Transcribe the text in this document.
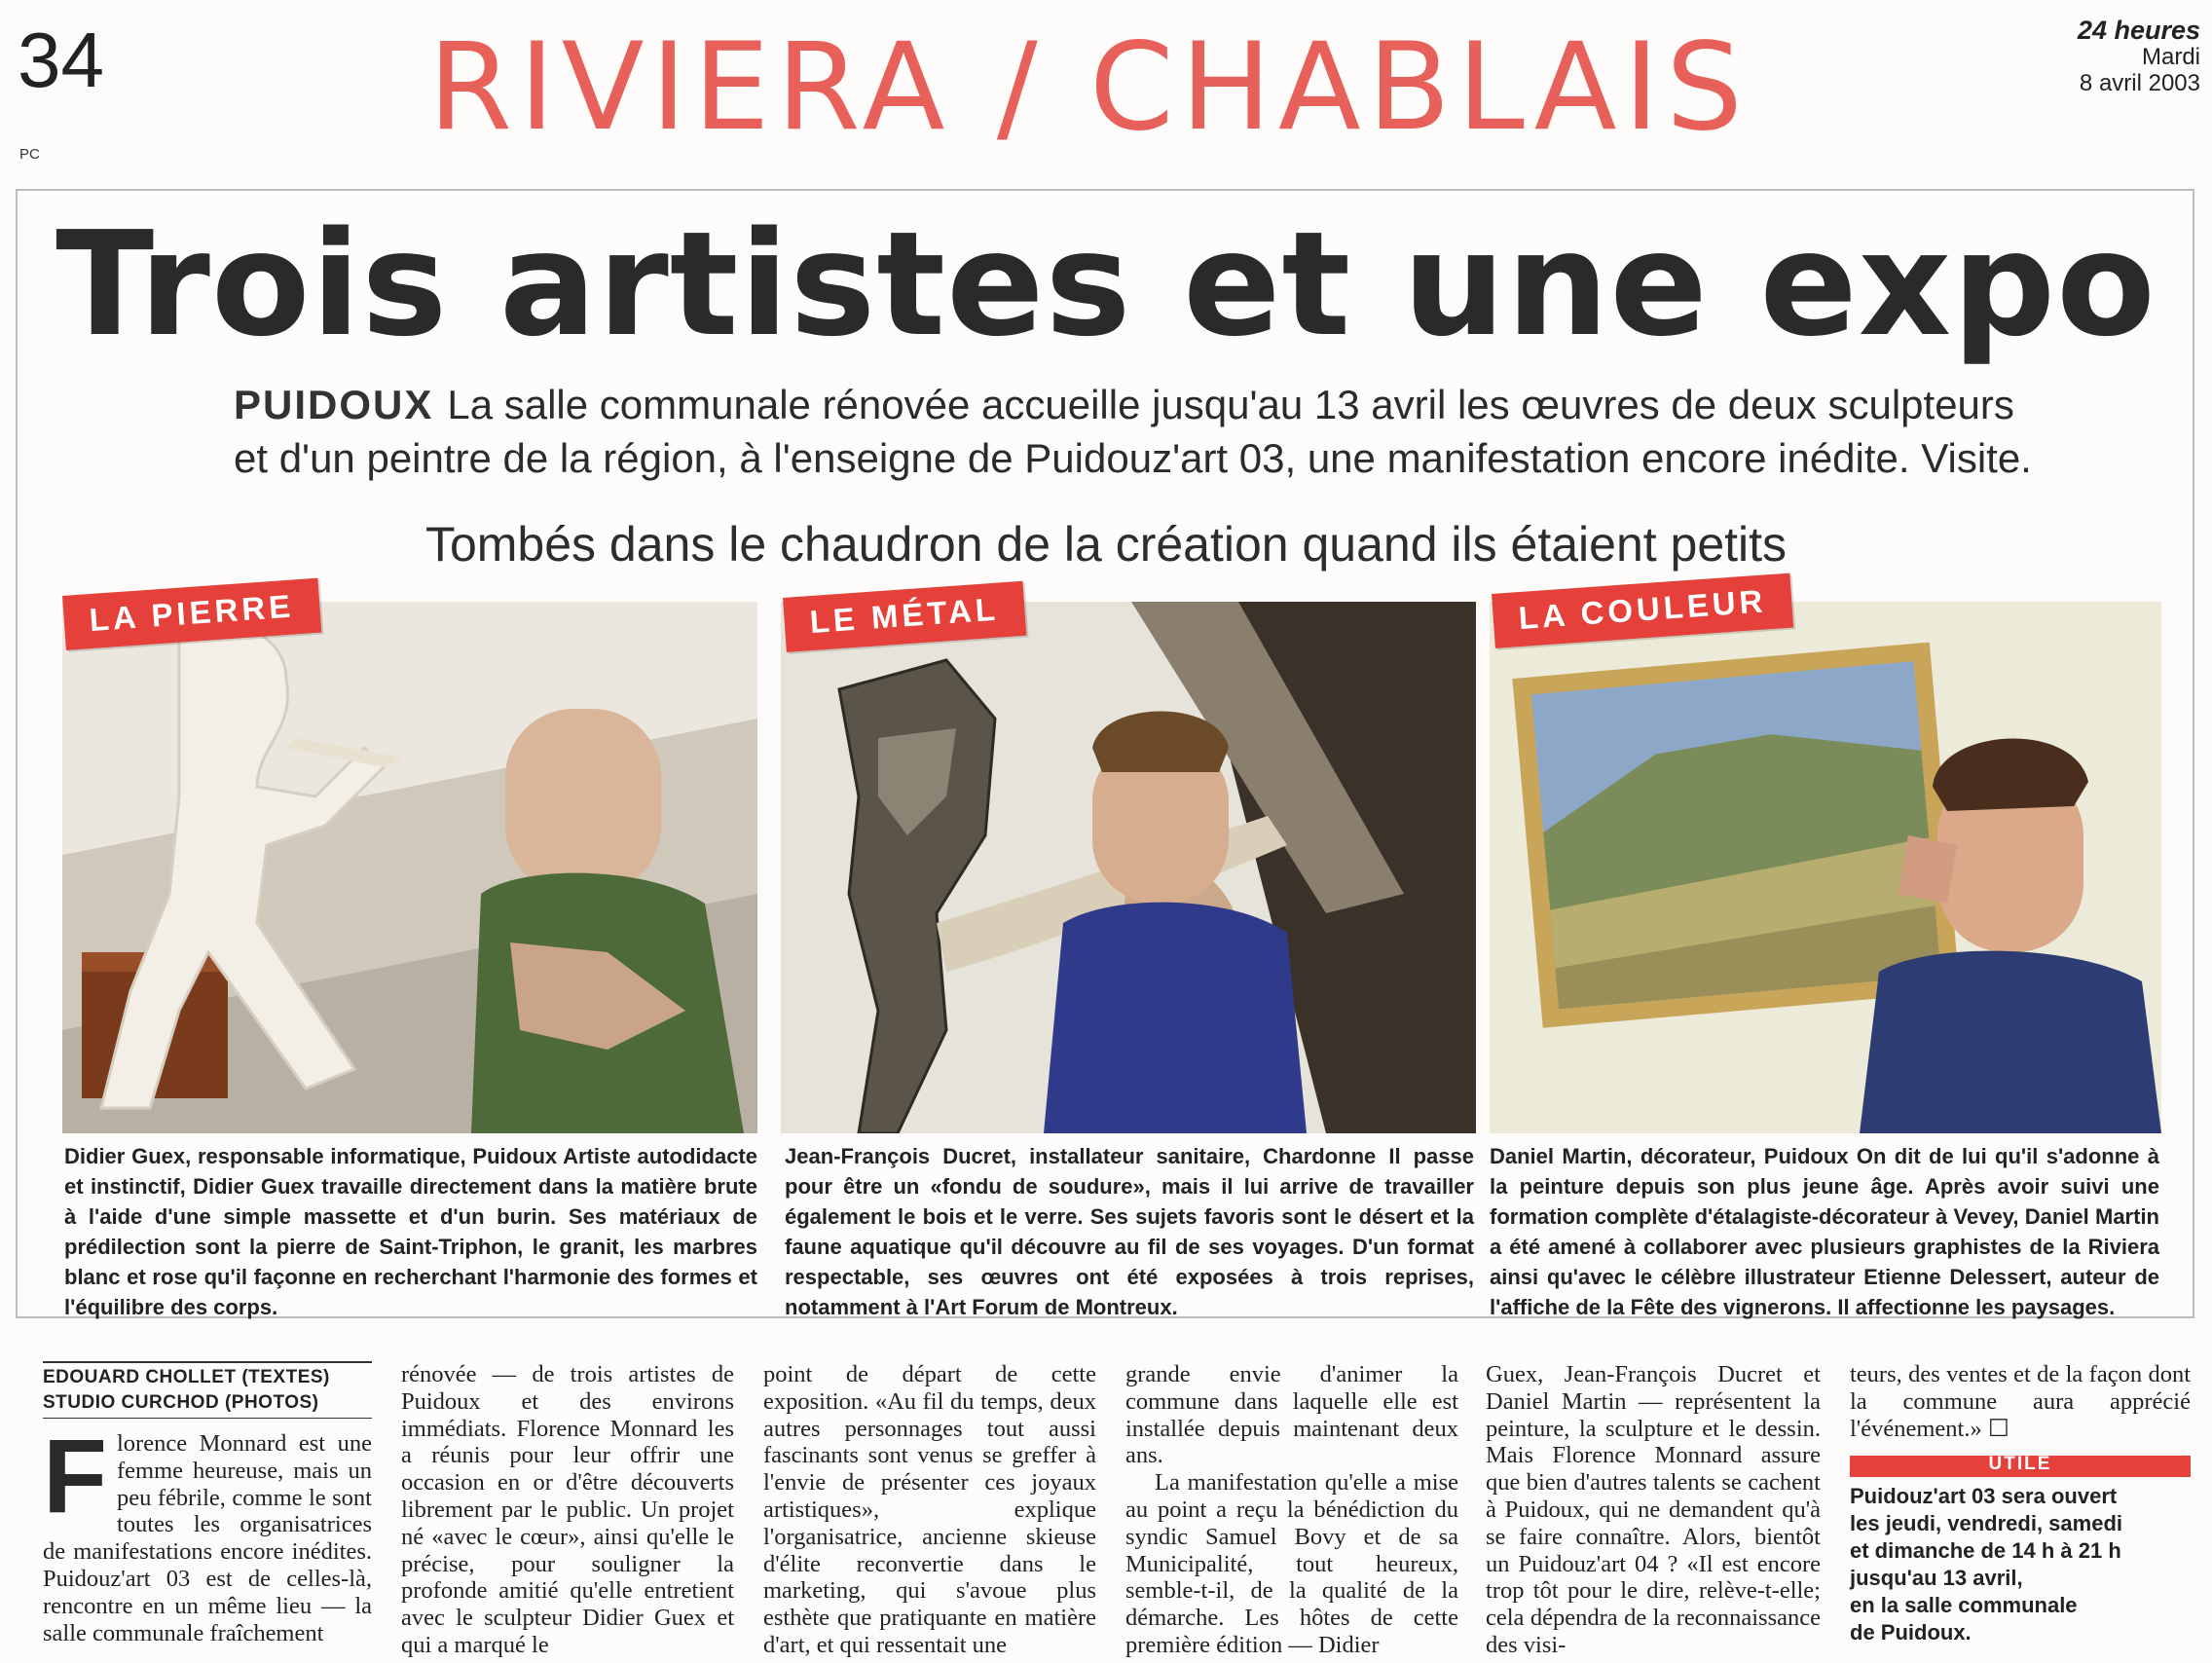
34
PC	RIVIERA / CHABLAIS	24 heures
Mardi
8 avril 2003
Trois artistes et une expo
PUIDOUX La salle communale rénovée accueille jusqu'au 13 avril les œuvres de deux sculpteurs
et d'un peintre de la région, à l'enseigne de Puidouz'art 03, une manifestation encore inédite. Visite.
Tombés dans le chaudron de la création quand ils étaient petits
LA PIERRE	LE MÉTAL	LA COULEUR
Didier Guex, responsable informatique, Puidoux Artiste autodidacte et instinctif, Didier Guex travaille directement dans la matière brute à l'aide d'une simple massette et d'un burin. Ses matériaux de prédilection sont la pierre de Saint-Triphon, le granit, les marbres blanc et rose qu'il façonne en recherchant l'harmonie des formes et l'équilibre des corps.
Jean-François Ducret, installateur sanitaire, Chardonne Il passe pour être un «fondu de soudure», mais il lui arrive de travailler également le bois et le verre. Ses sujets favoris sont le désert et la faune aquatique qu'il découvre au fil de ses voyages. D'un format respectable, ses œuvres ont été exposées à trois reprises, notamment à l'Art Forum de Montreux.
Daniel Martin, décorateur, Puidoux On dit de lui qu'il s'adonne à la peinture depuis son plus jeune âge. Après avoir suivi une formation complète d'étalagiste-décorateur à Vevey, Daniel Martin a été amené à collaborer avec plusieurs graphistes de la Riviera ainsi qu'avec le célèbre illustrateur Etienne Delessert, auteur de l'affiche de la Fête des vignerons. Il affectionne les paysages.
EDOUARD CHOLLET (TEXTES)
STUDIO CURCHOD (PHOTOS)

Florence Monnard est une femme heureuse, mais un peu fébrile, comme le sont toutes les organisatrices de manifestations encore inédites. Puidouz'art 03 est de celles-là, rencontre en un même lieu — la salle communale fraîchement

rénovée — de trois artistes de Puidoux et des environs immédiats. Florence Monnard les a réunis pour leur offrir une occasion en or d'être découverts librement par le public. Un projet né «avec le cœur», ainsi qu'elle le précise, pour souligner la profonde amitié qu'elle entretient avec le sculpteur Didier Guex et qui a marqué le

point de départ de cette exposition. «Au fil du temps, deux autres personnages tout aussi fascinants sont venus se greffer à l'envie de présenter ces joyaux artistiques», explique l'organisatrice, ancienne skieuse d'élite reconvertie dans le marketing, qui s'avoue plus esthète que pratiquante en matière d'art, et qui ressentait une

grande envie d'animer la commune dans laquelle elle est installée depuis maintenant deux ans.

La manifestation qu'elle a mise au point a reçu la bénédiction du syndic Samuel Bovy et de sa Municipalité, tout heureux, semble-t-il, de la qualité de la démarche. Les hôtes de cette première édition — Didier

Guex, Jean-François Ducret et Daniel Martin — représentent la peinture, la sculpture et le dessin. Mais Florence Monnard assure que bien d'autres talents se cachent à Puidoux, qui ne demandent qu'à se faire connaître. Alors, bientôt un Puidouz'art 04 ? «Il est encore trop tôt pour le dire, relève-t-elle; cela dépendra de la reconnaissance des visi-

teurs, des ventes et de la façon dont la commune aura apprécié l'événement.» ☐

UTILE
Puidouz'art 03 sera ouvert
les jeudi, vendredi, samedi
et dimanche de 14 h à 21 h
jusqu'au 13 avril,
en la salle communale
de Puidoux.
